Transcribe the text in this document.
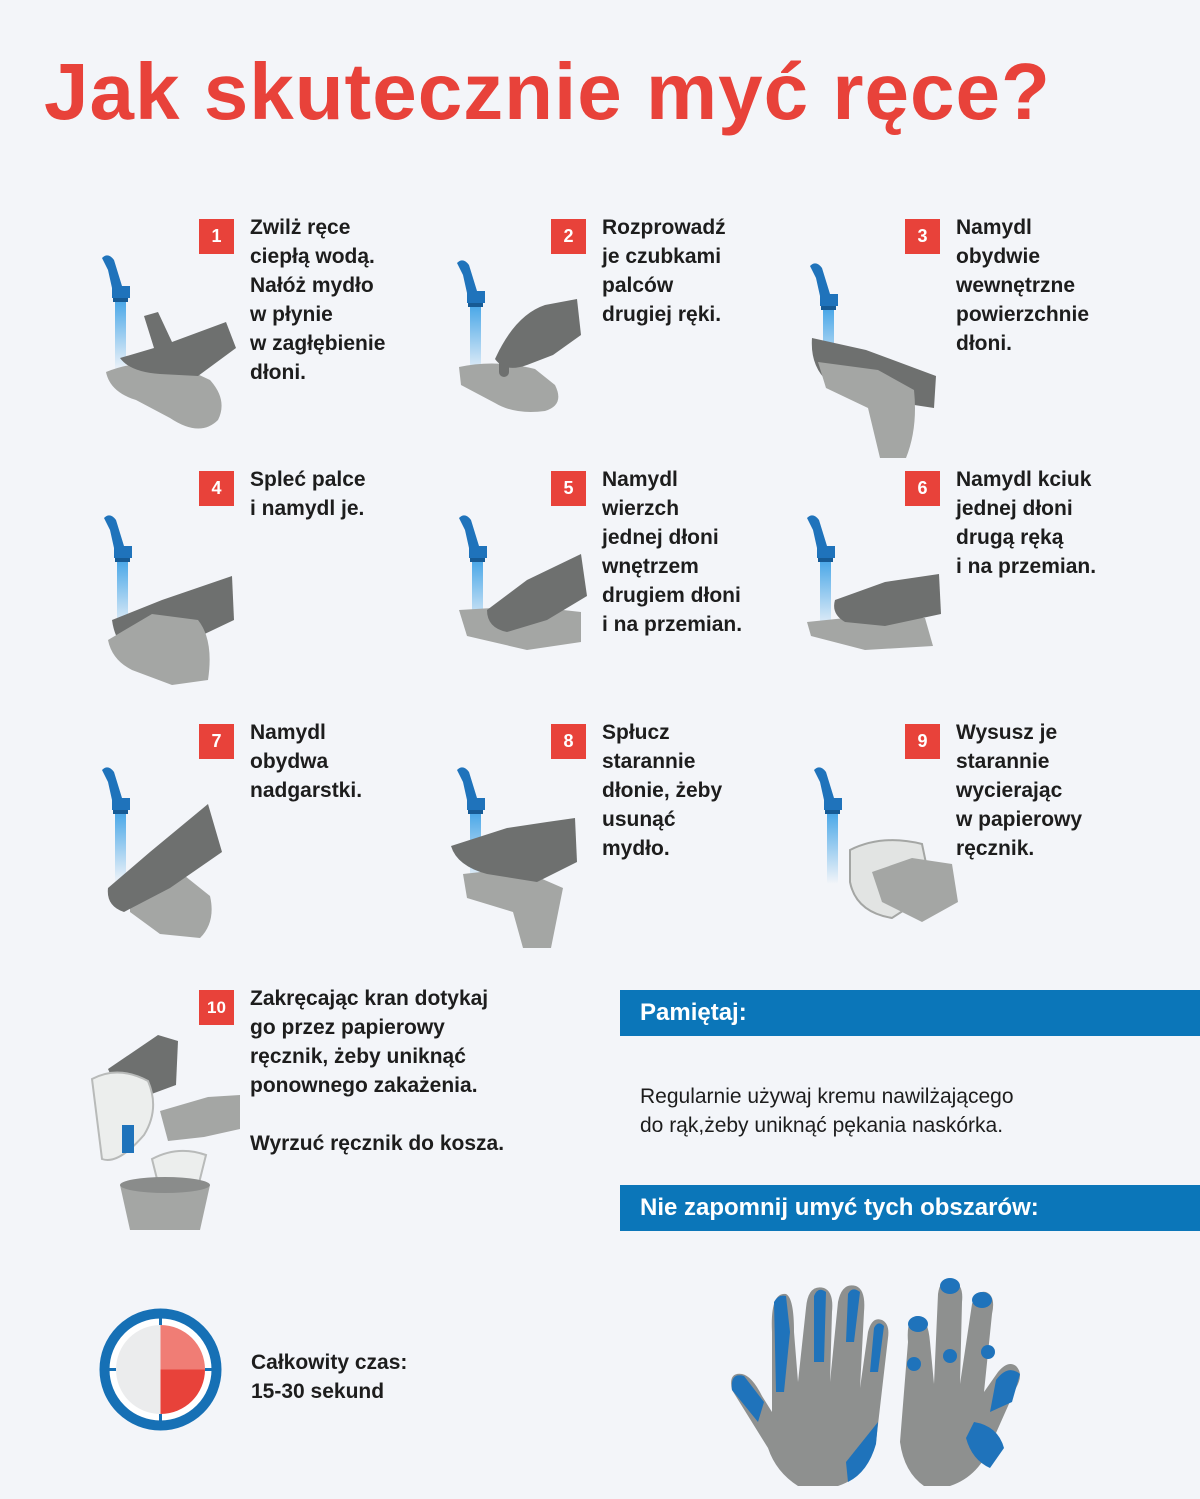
Jak skutecznie myć ręce?
1	Zwilż ręce
ciepłą wodą.
Nałóż mydło
w płynie
w zagłębienie
dłoni.
2	Rozprowadź
je czubkami
palców
drugiej ręki.
3	Namydl
obydwie
wewnętrzne
powierzchnie
dłoni.
4	Spleć palce
i namydl je.
5	Namydl
wierzch
jednej dłoni
wnętrzem
drugiem dłoni
i na przemian.
6	Namydl kciuk
jednej dłoni
drugą ręką
i na przemian.
7	Namydl
obydwa
nadgarstki.
8	Spłucz
starannie
dłonie, żeby
usunąć
mydło.
9	Wysusz je
starannie
wycierając
w papierowy
ręcznik.
10	Zakręcając kran dotykaj
go przez papierowy
ręcznik, żeby uniknąć
ponownego zakażenia.

Wyrzuć ręcznik do kosza.
Pamiętaj:
Regularnie używaj kremu nawilżającego
do rąk,żeby uniknąć pękania naskórka.
Nie zapomnij umyć tych obszarów:
Całkowity czas:
15-30 sekund
